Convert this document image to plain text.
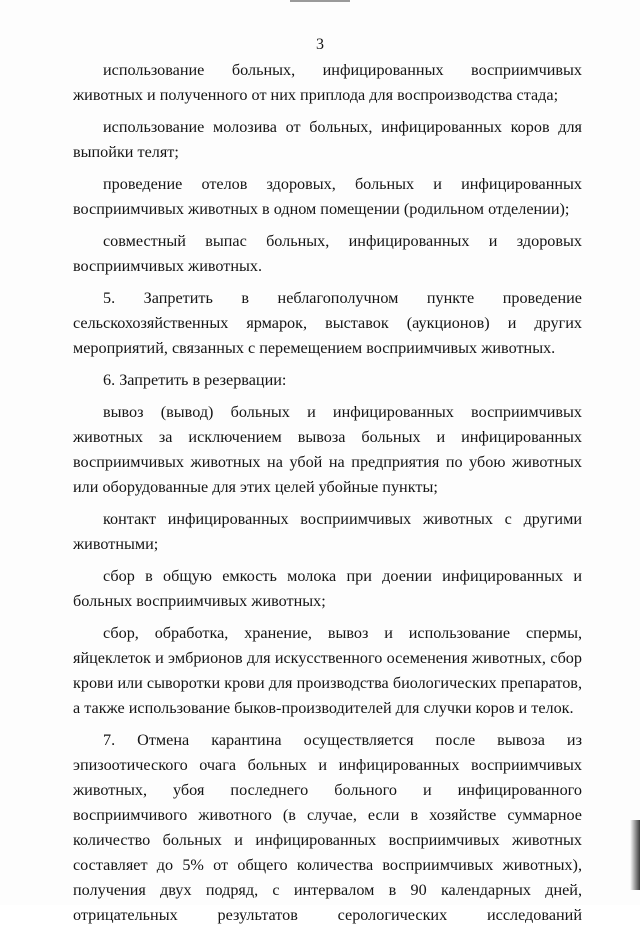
3

использование больных, инфицированных восприимчивых животных и полученного от них приплода для воспроизводства стада;

использование молозива от больных, инфицированных коров для выпойки телят;

проведение отелов здоровых, больных и инфицированных восприимчивых животных в одном помещении (родильном отделении);

совместный выпас больных, инфицированных и здоровых восприимчивых животных.

5. Запретить в неблагополучном пункте проведение сельскохозяйственных ярмарок, выставок (аукционов) и других мероприятий, связанных с перемещением восприимчивых животных.

6. Запретить в резервации:

вывоз (вывод) больных и инфицированных восприимчивых животных за исключением вывоза больных и инфицированных восприимчивых животных на убой на предприятия по убою животных или оборудованные для этих целей убойные пункты;

контакт инфицированных восприимчивых животных с другими животными;

сбор в общую емкость молока при доении инфицированных и больных восприимчивых животных;

сбор, обработка, хранение, вывоз и использование спермы, яйцеклеток и эмбрионов для искусственного осеменения животных, сбор крови или сыворотки крови для производства биологических препаратов, а также использование быков-производителей для случки коров и телок.

7. Отмена карантина осуществляется после вывоза из эпизоотического очага больных и инфицированных восприимчивых животных, убоя последнего больного и инфицированного восприимчивого животного (в случае, если в хозяйстве суммарное количество больных и инфицированных восприимчивых животных составляет до 5% от общего количества восприимчивых животных), получения двух подряд, с интервалом в 90 календарных дней, отрицательных результатов серологических исследований
